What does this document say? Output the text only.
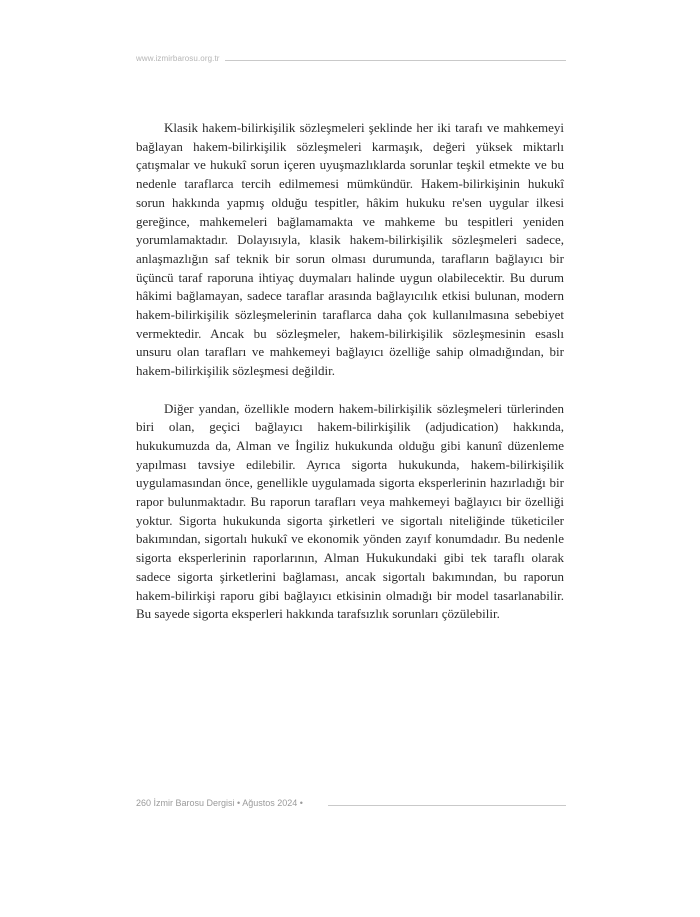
www.izmirbarosu.org.tr

Klasik hakem-bilirkişilik sözleşmeleri şeklinde her iki tarafı ve mahkemeyi bağlayan hakem-bilirkişilik sözleşmeleri karmaşık, değeri yüksek miktarlı çatışmalar ve hukukî sorun içeren uyuşmazlıklarda sorunlar teşkil etmekte ve bu nedenle taraflarca tercih edilmemesi mümkündür. Hakem-bilirkişinin hukukî sorun hakkında yapmış olduğu tespitler, hâkim hukuku re'sen uygular ilkesi gereğince, mahkemeleri bağlamamakta ve mahkeme bu tespitleri yeniden yorumlamaktadır. Dolayısıyla, klasik hakem-bilirkişilik sözleşmeleri sadece, anlaşmazlığın saf teknik bir sorun olması durumunda, tarafların bağlayıcı bir üçüncü taraf raporuna ihtiyaç duymaları halinde uygun olabilecektir. Bu durum hâkimi bağlamayan, sadece taraflar arasında bağlayıcılık etkisi bulunan, modern hakem-bilirkişilik sözleşmelerinin taraflarca daha çok kullanılmasına sebebiyet vermektedir. Ancak bu sözleşmeler, hakem-bilirkişilik sözleşmesinin esaslı unsuru olan tarafları ve mahkemeyi bağlayıcı özelliğe sahip olmadığından, bir hakem-bilirkişilik sözleşmesi değildir.

Diğer yandan, özellikle modern hakem-bilirkişilik sözleşmeleri türlerinden biri olan, geçici bağlayıcı hakem-bilirkişilik (adjudication) hakkında, hukukumuzda da, Alman ve İngiliz hukukunda olduğu gibi kanunî düzenleme yapılması tavsiye edilebilir. Ayrıca sigorta hukukunda, hakem-bilirkişilik uygulamasından önce, genellikle uygulamada sigorta eksperlerinin hazırladığı bir rapor bulunmaktadır. Bu raporun tarafları veya mahkemeyi bağlayıcı bir özelliği yoktur. Sigorta hukukunda sigorta şirketleri ve sigortalı niteliğinde tüketiciler bakımından, sigortalı hukukî ve ekonomik yönden zayıf konumdadır. Bu nedenle sigorta eksperlerinin raporlarının, Alman Hukukundaki gibi tek taraflı olarak sadece sigorta şirketlerini bağlaması, ancak sigortalı bakımından, bu raporun hakem-bilirkişi raporu gibi bağlayıcı etkisinin olmadığı bir model tasarlanabilir. Bu sayede sigorta eksperleri hakkında tarafsızlık sorunları çözülebilir.

260 İzmir Barosu Dergisi • Ağustos 2024 •
